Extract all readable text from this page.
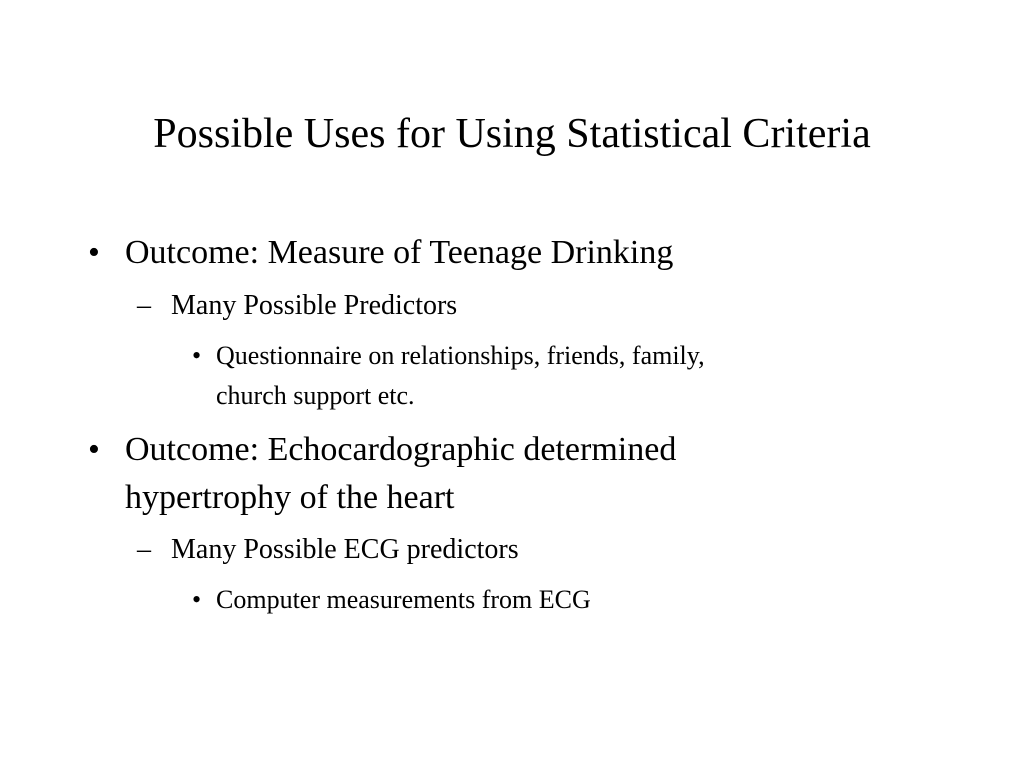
Possible Uses for Using Statistical Criteria
• Outcome: Measure of Teenage Drinking
– Many Possible Predictors
• Questionnaire on relationships, friends, family,
church support etc.
• Outcome: Echocardographic determined
hypertrophy of the heart
– Many Possible ECG predictors
• Computer measurements from ECG
